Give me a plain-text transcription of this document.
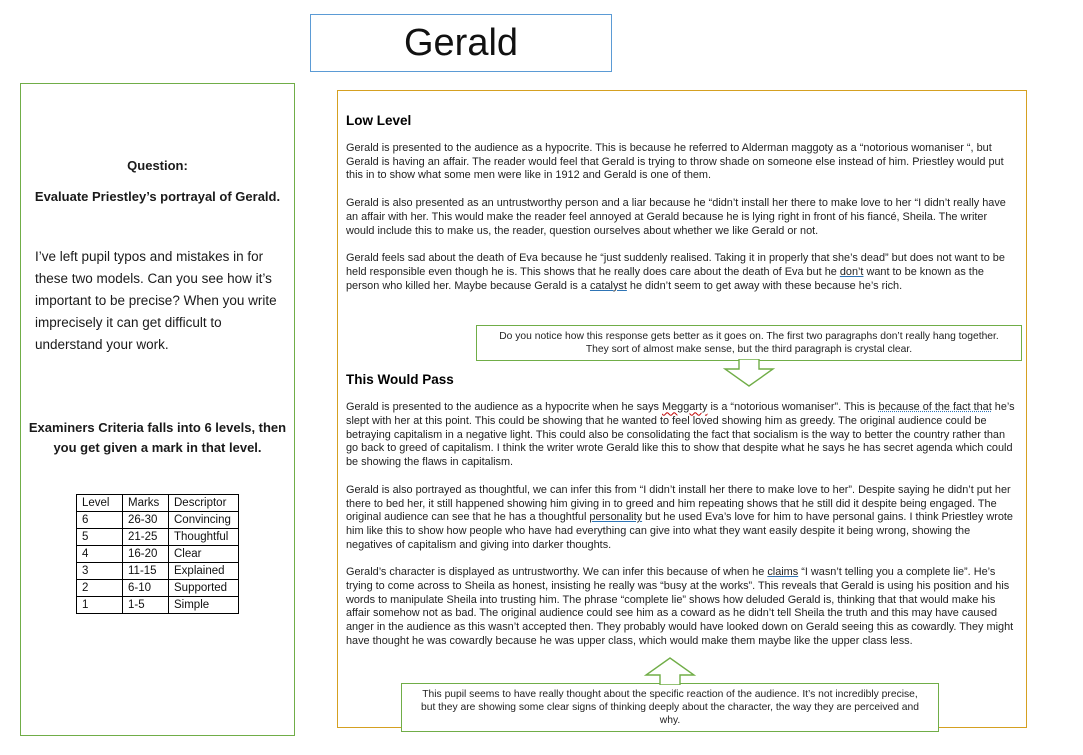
Gerald
Question:
Evaluate Priestley’s portrayal of Gerald.
I’ve left pupil typos and mistakes in for these two models. Can you see how it’s important to be precise? When you write imprecisely it can get difficult to understand your work.
Examiners Criteria falls into 6 levels, then you get given a mark in that level.
Level	Marks	Descriptor
6	26-30	Convincing
5	21-25	Thoughtful
4	16-20	Clear
3	11-15	Explained
2	6-10	Supported
1	1-5	Simple
Low Level

Gerald is presented to the audience as a hypocrite. This is because he referred to Alderman maggoty as a “notorious womaniser “, but Gerald is having an affair. The reader would feel that Gerald is trying to throw shade on someone else instead of him. Priestley would put this in to show what some men were like in 1912 and Gerald is one of them.

Gerald is also presented as an untrustworthy person and a liar because he “didn’t install her there to make love to her “I didn’t really have an affair with her. This would make the reader feel annoyed at Gerald because he is lying right in front of his fiancé, Sheila. The writer would include this to make us, the reader, question ourselves about whether we like Gerald or not.

Gerald feels sad about the death of Eva because he “just suddenly realised. Taking it in properly that she’s dead” but does not want to be held responsible even though he is. This shows that he really does care about the death of Eva but he don’t want to be known as the person who killed her. Maybe because Gerald is a catalyst he didn’t seem to get away with these because he’s rich.

Do you notice how this response gets better as it goes on. The first two paragraphs don’t really hang together. They sort of almost make sense, but the third paragraph is crystal clear.
This Would Pass

Gerald is presented to the audience as a hypocrite when he says Meggarty is a “notorious womaniser”. This is because of the fact that he’s slept with her at this point. This could be showing that he wanted to feel loved showing him as greedy. The original audience could be betraying capitalism in a negative light. This could also be consolidating the fact that socialism is the way to better the country rather than go back to greed of capitalism. I think the writer wrote Gerald like this to show that despite what he says he has secret agenda which could be showing the flaws in capitalism.

Gerald is also portrayed as thoughtful, we can infer this from “I didn’t install her there to make love to her”. Despite saying he didn’t put her there to bed her, it still happened showing him giving in to greed and him repeating shows that he still did it despite being engaged. The original audience can see that he has a thoughtful personality but he used Eva’s love for him to have personal gains. I think Priestley wrote him like this to show how people who have had everything can give into what they want easily despite it being wrong, showing the negatives of capitalism and giving into darker thoughts.

Gerald’s character is displayed as untrustworthy. We can infer this because of when he claims “I wasn’t telling you a complete lie”. He’s trying to come across to Sheila as honest, insisting he really was “busy at the works”. This reveals that Gerald is using his position and his words to manipulate Sheila into trusting him. The phrase “complete lie” shows how deluded Gerald is, thinking that that would make his affair somehow not as bad. The original audience could see him as a coward as he didn’t tell Sheila the truth and this may have caused anger in the audience as this wasn’t accepted then. They probably would have looked down on Gerald seeing this as cowardly. They might have thought he was cowardly because he was upper class, which would make them maybe like the upper class less.

This pupil seems to have really thought about the specific reaction of the audience. It’s not incredibly precise, but they are showing some clear signs of thinking deeply about the character, the way they are perceived and why.
